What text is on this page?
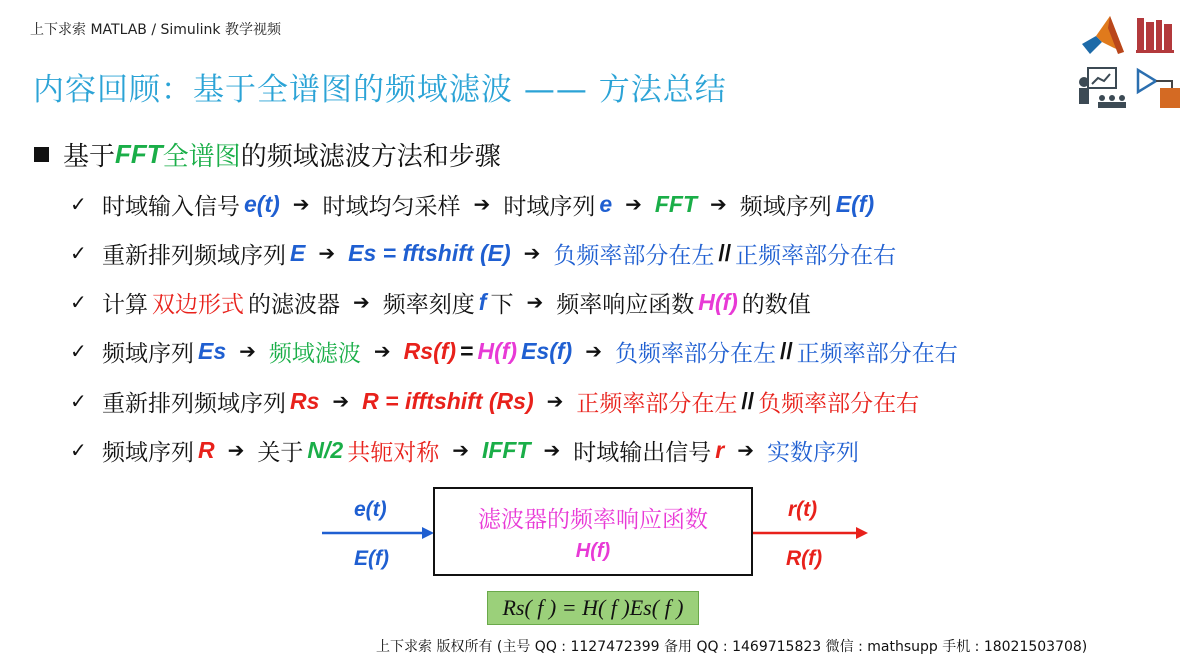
上下求索 MATLAB / Simulink 教学视频
内容回顾：基于全谱图的频域滤波 —— 方法总结
基于 FFT 全谱图 的频域滤波方法和步骤
✓ 时域输入信号 e(t) ➔ 时域均匀采样 ➔ 时域序列 e ➔ FFT ➔ 频域序列 E(f)
✓ 重新排列频域序列 E ➔ Es = fftshift (E) ➔ 负频率部分在左 // 正频率部分在右
✓ 计算 双边形式 的滤波器 ➔ 频率刻度 f 下 ➔ 频率响应函数 H(f) 的数值
✓ 频域序列 Es ➔ 频域滤波 ➔ Rs(f) = H(f) Es(f) ➔ 负频率部分在左 // 正频率部分在右
✓ 重新排列频域序列 Rs ➔ R = ifftshift (Rs) ➔ 正频率部分在左 // 负频率部分在右
✓ 频域序列 R ➔ 关于 N/2 共轭对称 ➔ IFFT ➔ 时域输出信号 r ➔ 实数序列
e(t)
E(f)
滤波器的频率响应函数
H(f)
r(t)
R(f)
Rs( f ) = H( f )Es( f )
上下求索 版权所有 (主号 QQ : 1127472399 备用 QQ : 1469715823 微信 : mathsupp 手机 : 18021503708)
